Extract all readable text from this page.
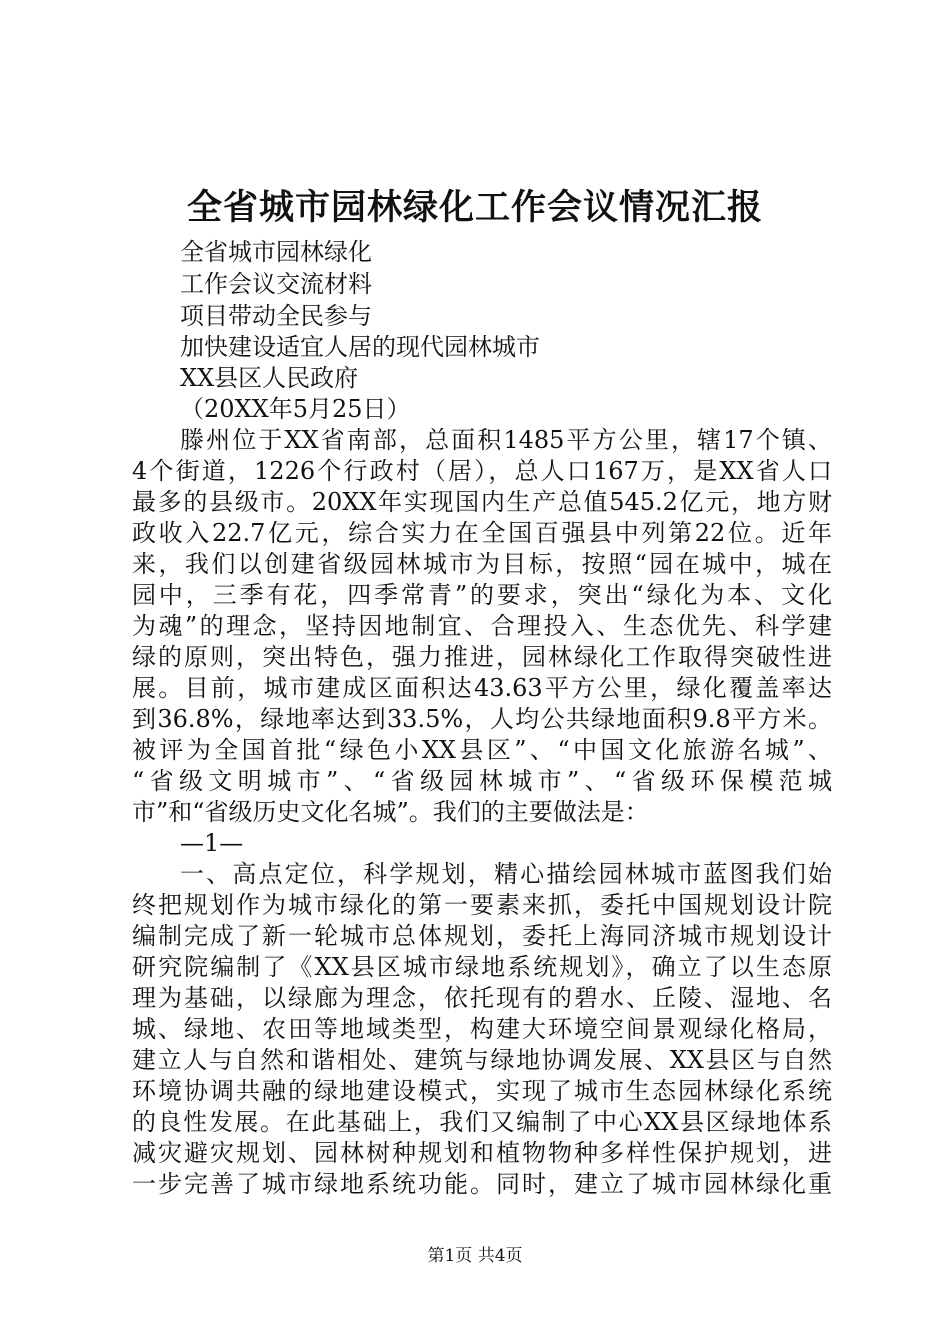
全省城市园林绿化工作会议情况汇报
全省城市园林绿化
工作会议交流材料
项目带动全民参与
加快建设适宜人居的现代园林城市
XX县区人民政府
（20XX年5月25日）
滕州位于XX省南部，总面积1485平方公里，辖17个镇、
4个街道，1226个行政村（居），总人口167万，是XX省人口
最多的县级市。20XX年实现国内生产总值545.2亿元，地方财
政收入22.7亿元，综合实力在全国百强县中列第22位。近年
来，我们以创建省级园林城市为目标，按照“园在城中，城在
园中，三季有花，四季常青”的要求，突出“绿化为本、文化
为魂”的理念，坚持因地制宜、合理投入、生态优先、科学建
绿的原则，突出特色，强力推进，园林绿化工作取得突破性进
展。目前，城市建成区面积达43.63平方公里，绿化覆盖率达
到36.8%，绿地率达到33.5%，人均公共绿地面积9.8平方米。
被评为全国首批“绿色小XX县区”、“中国文化旅游名城”、
“省级文明城市”、“省级园林城市”、“省级环保模范城
市”和“省级历史文化名城”。我们的主要做法是：
—1—
一、高点定位，科学规划，精心描绘园林城市蓝图我们始
终把规划作为城市绿化的第一要素来抓，委托中国规划设计院
编制完成了新一轮城市总体规划，委托上海同济城市规划设计
研究院编制了《XX县区城市绿地系统规划》，确立了以生态原
理为基础，以绿廊为理念，依托现有的碧水、丘陵、湿地、名
城、绿地、农田等地域类型，构建大环境空间景观绿化格局，
建立人与自然和谐相处、建筑与绿地协调发展、XX县区与自然
环境协调共融的绿地建设模式，实现了城市生态园林绿化系统
的良性发展。在此基础上，我们又编制了中心XX县区绿地体系
减灾避灾规划、园林树种规划和植物物种多样性保护规划，进
一步完善了城市绿地系统功能。同时，建立了城市园林绿化重
第1页 共4页
